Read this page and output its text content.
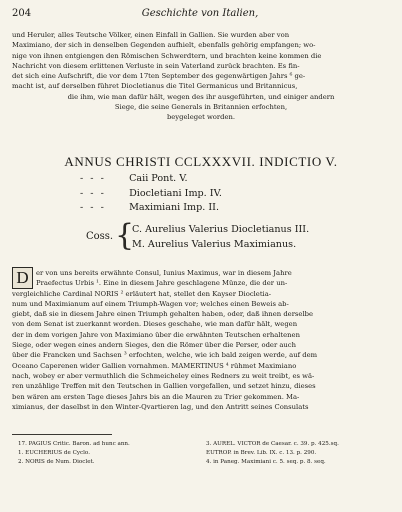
204	Geschichte von Italien,
und Heruler, alles Teutsche Völker, einen Einfall in Gallien. Sie wurden aber von
Maximiano, der sich in denselben Gegenden aufhielt, ebenfalls gehörig empfangen; wo-
nige von ihnen entgiengen den Römischen Schwerdtern, und brachten keine kommen die
Nachricht von diesem erlittenen Verluste in sein Vaterland zurück brachten. Es fin-
det sich eine Aufschrift, die vor dem 17ten September des gegenwärtigen Jahrs ⁶ ge-
macht ist, auf derselben führet Diocletianus die Titel Germanicus und Britannicus,
die ihm, wie man dafür hält, wegen des ihr ausgeführten, und einiger andern
Siege, die seine Generals in Britannien erfochten,
beygeleget worden.
ANNUS CHRISTI CCLXXXVII. INDICTIO V.
- - - Caii Pont. V.
- - - Diocletiani Imp. IV.
- - - Maximiani Imp. II.
Coss. {
C. Aurelius Valerius Diocletianus III.
M. Aurelius Valerius Maximianus.
D	er von uns bereits erwähnte Consul, Iunius Maximus, war in diesem Jahre
Praefectus Urbis ¹. Eine in diesem Jahre geschlagene Münze, die der un-
vergleichliche Cardinal NORIS ² erläutert hat, stellet den Kayser Diocletia-
num und Maximianum auf einem Triumph-Wagen vor; welches einen Beweis ab-
giebt, daß sie in diesem Jahre einen Triumph gehalten haben, oder, daß ihnen derselbe
von dem Senat ist zuerkannt worden. Dieses geschahe, wie man dafür hält, wegen
der in dem vorigen Jahre von Maximiano über die erwähnten Teutschen erhaltenen
Siege, oder wegen eines andern Sieges, den die Römer über die Perser, oder auch
über die Francken und Sachsen ³ erfochten, welche, wie ich bald zeigen werde, auf dem
Oceano Caperenen wider Gallien vornahmen. MAMERTINUS ⁴ rühmet Maximiano
nach, wobey er aber vermuthlich die Schmeicheley eines Redners zu weit treibt, es wä-
ren unzählige Treffen mit den Teutschen in Gallien vorgefallen, und setzet hinzu, dieses
ben wären am ersten Tage dieses Jahrs bis an die Mauren zu Trier gekommen. Ma-
ximianus, der daselbst in den Winter-Qvartieren lag, und den Antritt seines Consulats
17. PAGIUS Critic. Baron. ad hunc ann.
1. EUCHERIUS de Cyclo.
2. NORIS de Num. Dioclet.
3. AUREL. VICTOR de Caesar. c. 39. p. 425.sq.
EUTROP. in Brev. Lib. IX. c. 13. p. 290.
4. in Paneg. Maximiani c. 5. seq. p. 8. seq.
